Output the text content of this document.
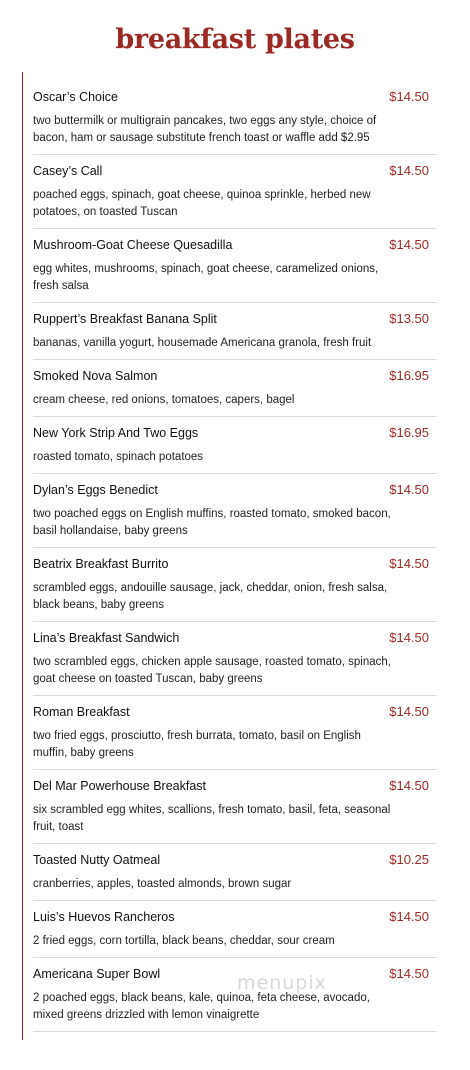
breakfast plates
Oscar’s Choice	$14.50
two buttermilk or multigrain pancakes, two eggs any style, choice of bacon, ham or sausage substitute french toast or waffle add $2.95
Casey’s Call	$14.50
poached eggs, spinach, goat cheese, quinoa sprinkle, herbed new potatoes, on toasted Tuscan
Mushroom-Goat Cheese Quesadilla	$14.50
egg whites, mushrooms, spinach, goat cheese, caramelized onions, fresh salsa
Ruppert’s Breakfast Banana Split	$13.50
bananas, vanilla yogurt, housemade Americana granola, fresh fruit
Smoked Nova Salmon	$16.95
cream cheese, red onions, tomatoes, capers, bagel
New York Strip And Two Eggs	$16.95
roasted tomato, spinach potatoes
Dylan’s Eggs Benedict	$14.50
two poached eggs on English muffins, roasted tomato, smoked bacon, basil hollandaise, baby greens
Beatrix Breakfast Burrito	$14.50
scrambled eggs, andouille sausage, jack, cheddar, onion, fresh salsa, black beans, baby greens
Lina’s Breakfast Sandwich	$14.50
two scrambled eggs, chicken apple sausage, roasted tomato, spinach, goat cheese on toasted Tuscan, baby greens
Roman Breakfast	$14.50
two fried eggs, prosciutto, fresh burrata, tomato, basil on English muffin, baby greens
Del Mar Powerhouse Breakfast	$14.50
six scrambled egg whites, scallions, fresh tomato, basil, feta, seasonal fruit, toast
Toasted Nutty Oatmeal	$10.25
cranberries, apples, toasted almonds, brown sugar
Luis’s Huevos Rancheros	$14.50
2 fried eggs, corn tortilla, black beans, cheddar, sour cream
Americana Super Bowl	$14.50
2 poached eggs, black beans, kale, quinoa, feta cheese, avocado, mixed greens drizzled with lemon vinaigrette
menupix
